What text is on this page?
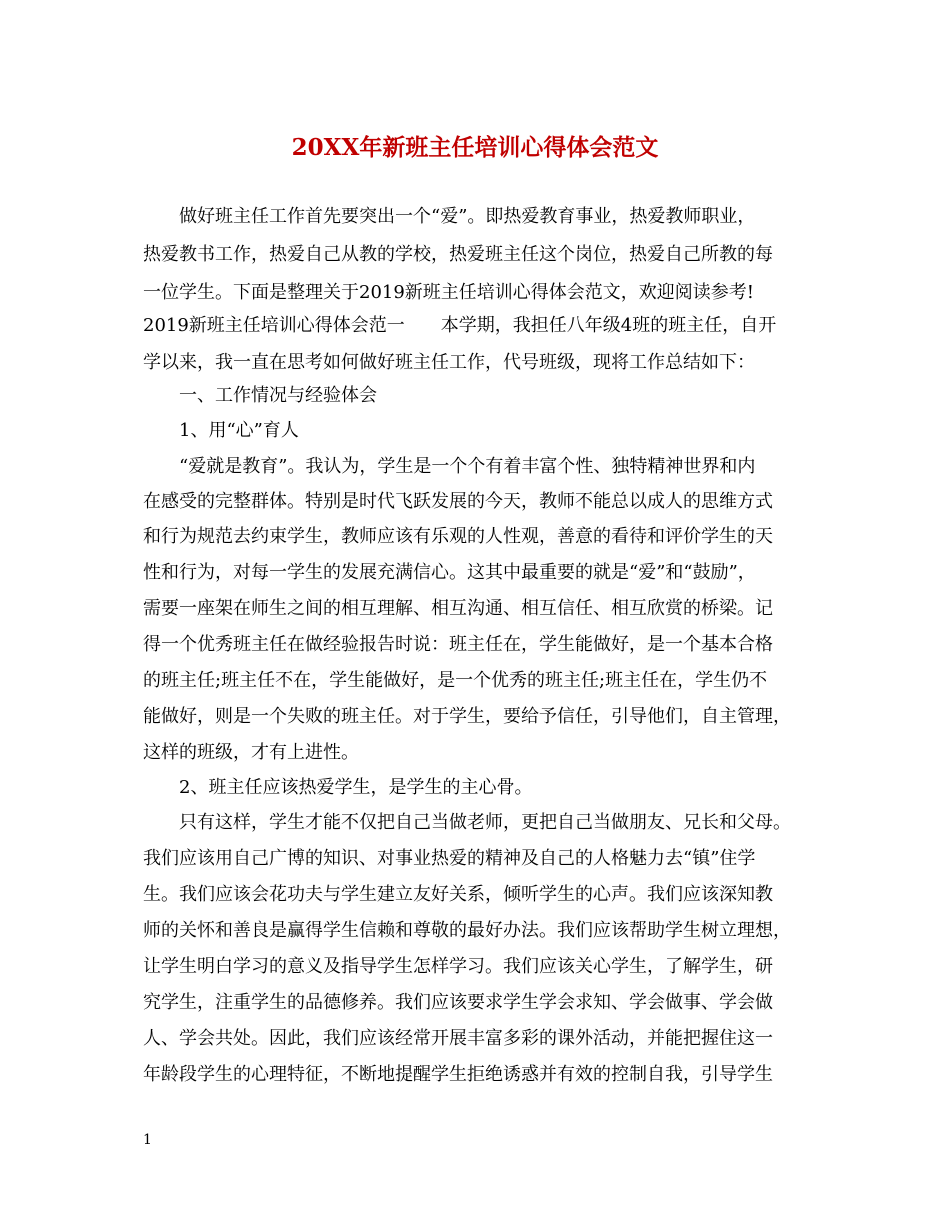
20XX年新班主任培训心得体会范文
　　做好班主任工作首先要突出一个“爱”。即热爱教育事业，热爱教师职业，
热爱教书工作，热爱自己从教的学校，热爱班主任这个岗位，热爱自己所教的每
一位学生。下面是整理关于2019新班主任培训心得体会范文，欢迎阅读参考!
2019新班主任培训心得体会范一　　本学期，我担任八年级4班的班主任，自开
学以来，我一直在思考如何做好班主任工作，代号班级，现将工作总结如下：
　　一、工作情况与经验体会
　　1、用“心”育人
　　“爱就是教育”。我认为，学生是一个个有着丰富个性、独特精神世界和内
在感受的完整群体。特别是时代飞跃发展的今天，教师不能总以成人的思维方式
和行为规范去约束学生，教师应该有乐观的人性观，善意的看待和评价学生的天
性和行为，对每一学生的发展充满信心。这其中最重要的就是“爱”和“鼓励”，
需要一座架在师生之间的相互理解、相互沟通、相互信任、相互欣赏的桥梁。记
得一个优秀班主任在做经验报告时说：班主任在，学生能做好，是一个基本合格
的班主任;班主任不在，学生能做好，是一个优秀的班主任;班主任在，学生仍不
能做好，则是一个失败的班主任。对于学生，要给予信任，引导他们，自主管理，
这样的班级，才有上进性。
　　2、班主任应该热爱学生，是学生的主心骨。
　　只有这样，学生才能不仅把自己当做老师，更把自己当做朋友、兄长和父母。
我们应该用自己广博的知识、对事业热爱的精神及自己的人格魅力去“镇”住学
生。我们应该会花功夫与学生建立友好关系，倾听学生的心声。我们应该深知教
师的关怀和善良是赢得学生信赖和尊敬的最好办法。我们应该帮助学生树立理想，
让学生明白学习的意义及指导学生怎样学习。我们应该关心学生，了解学生，研
究学生，注重学生的品德修养。我们应该要求学生学会求知、学会做事、学会做
人、学会共处。因此，我们应该经常开展丰富多彩的课外活动，并能把握住这一
年龄段学生的心理特征，不断地提醒学生拒绝诱惑并有效的控制自我，引导学生
1
